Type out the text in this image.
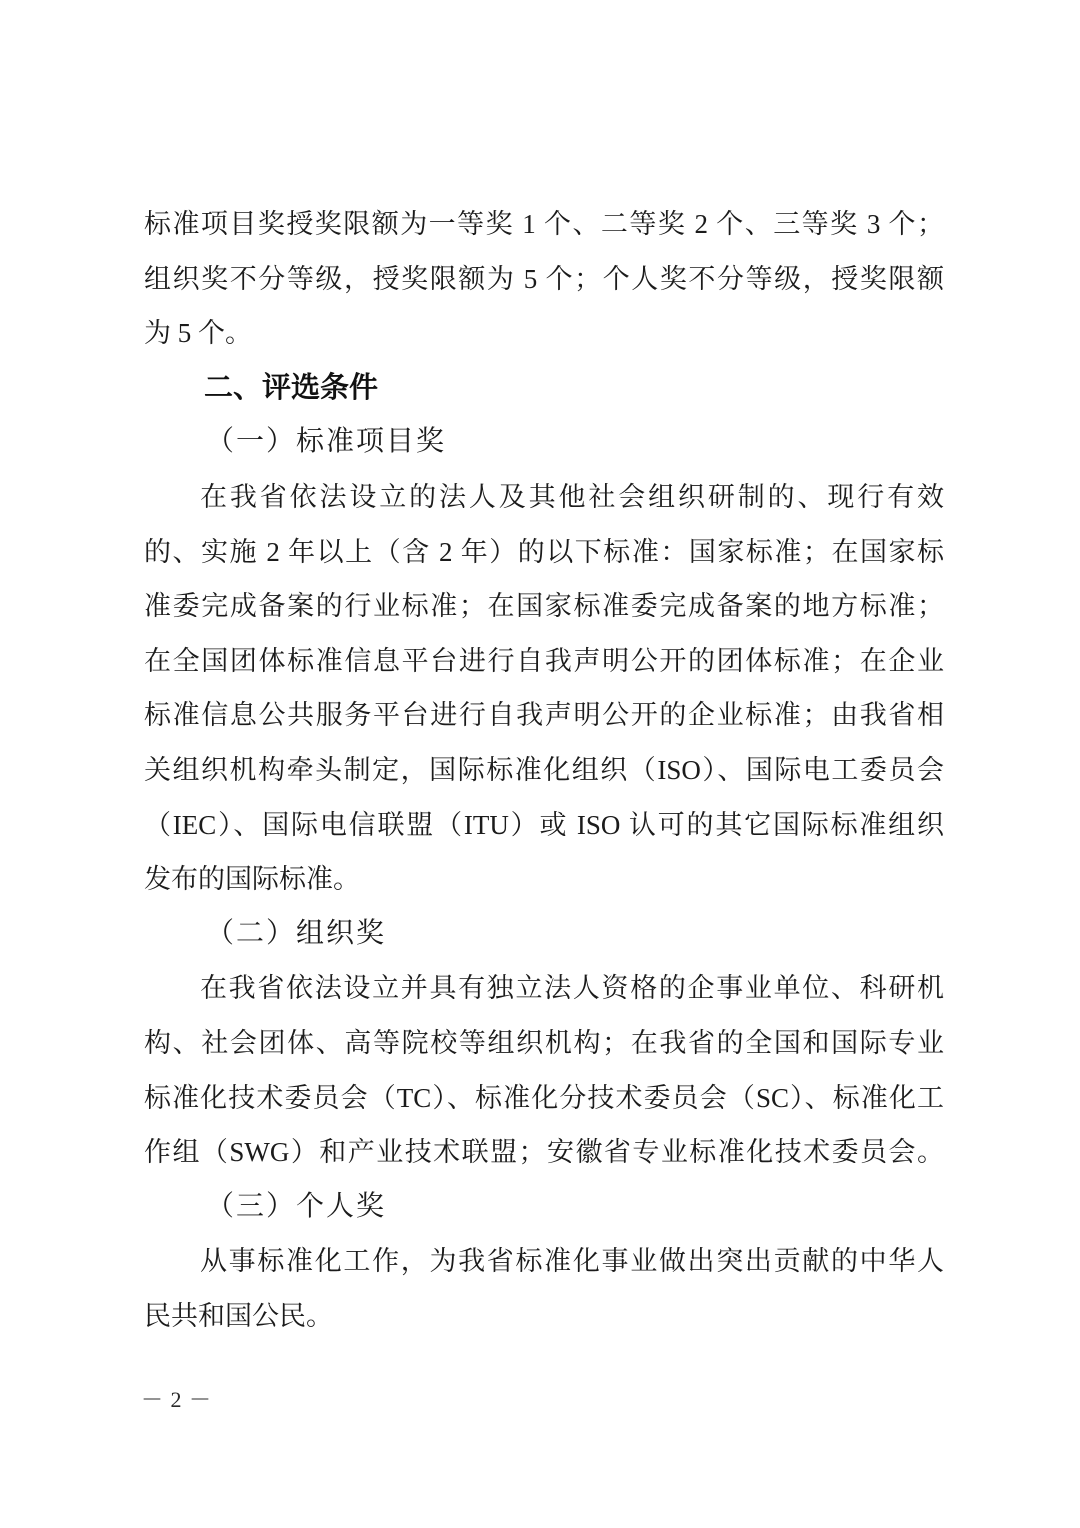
标准项目奖授奖限额为一等奖 1 个、二等奖 2 个、三等奖 3 个；
组织奖不分等级，授奖限额为 5 个；个人奖不分等级，授奖限额
为 5 个。
二、评选条件
（一）标准项目奖
在我省依法设立的法人及其他社会组织研制的、现行有效
的、实施 2 年以上（含 2 年）的以下标准：国家标准；在国家标
准委完成备案的行业标准；在国家标准委完成备案的地方标准；
在全国团体标准信息平台进行自我声明公开的团体标准；在企业
标准信息公共服务平台进行自我声明公开的企业标准；由我省相
关组织机构牵头制定，国际标准化组织（ISO）、国际电工委员会
（IEC）、国际电信联盟（ITU）或 ISO 认可的其它国际标准组织
发布的国际标准。
（二）组织奖
在我省依法设立并具有独立法人资格的企事业单位、科研机
构、社会团体、高等院校等组织机构；在我省的全国和国际专业
标准化技术委员会（TC）、标准化分技术委员会（SC）、标准化工
作组（SWG）和产业技术联盟；安徽省专业标准化技术委员会。
（三）个人奖
从事标准化工作，为我省标准化事业做出突出贡献的中华人
民共和国公民。
－ 2 －
